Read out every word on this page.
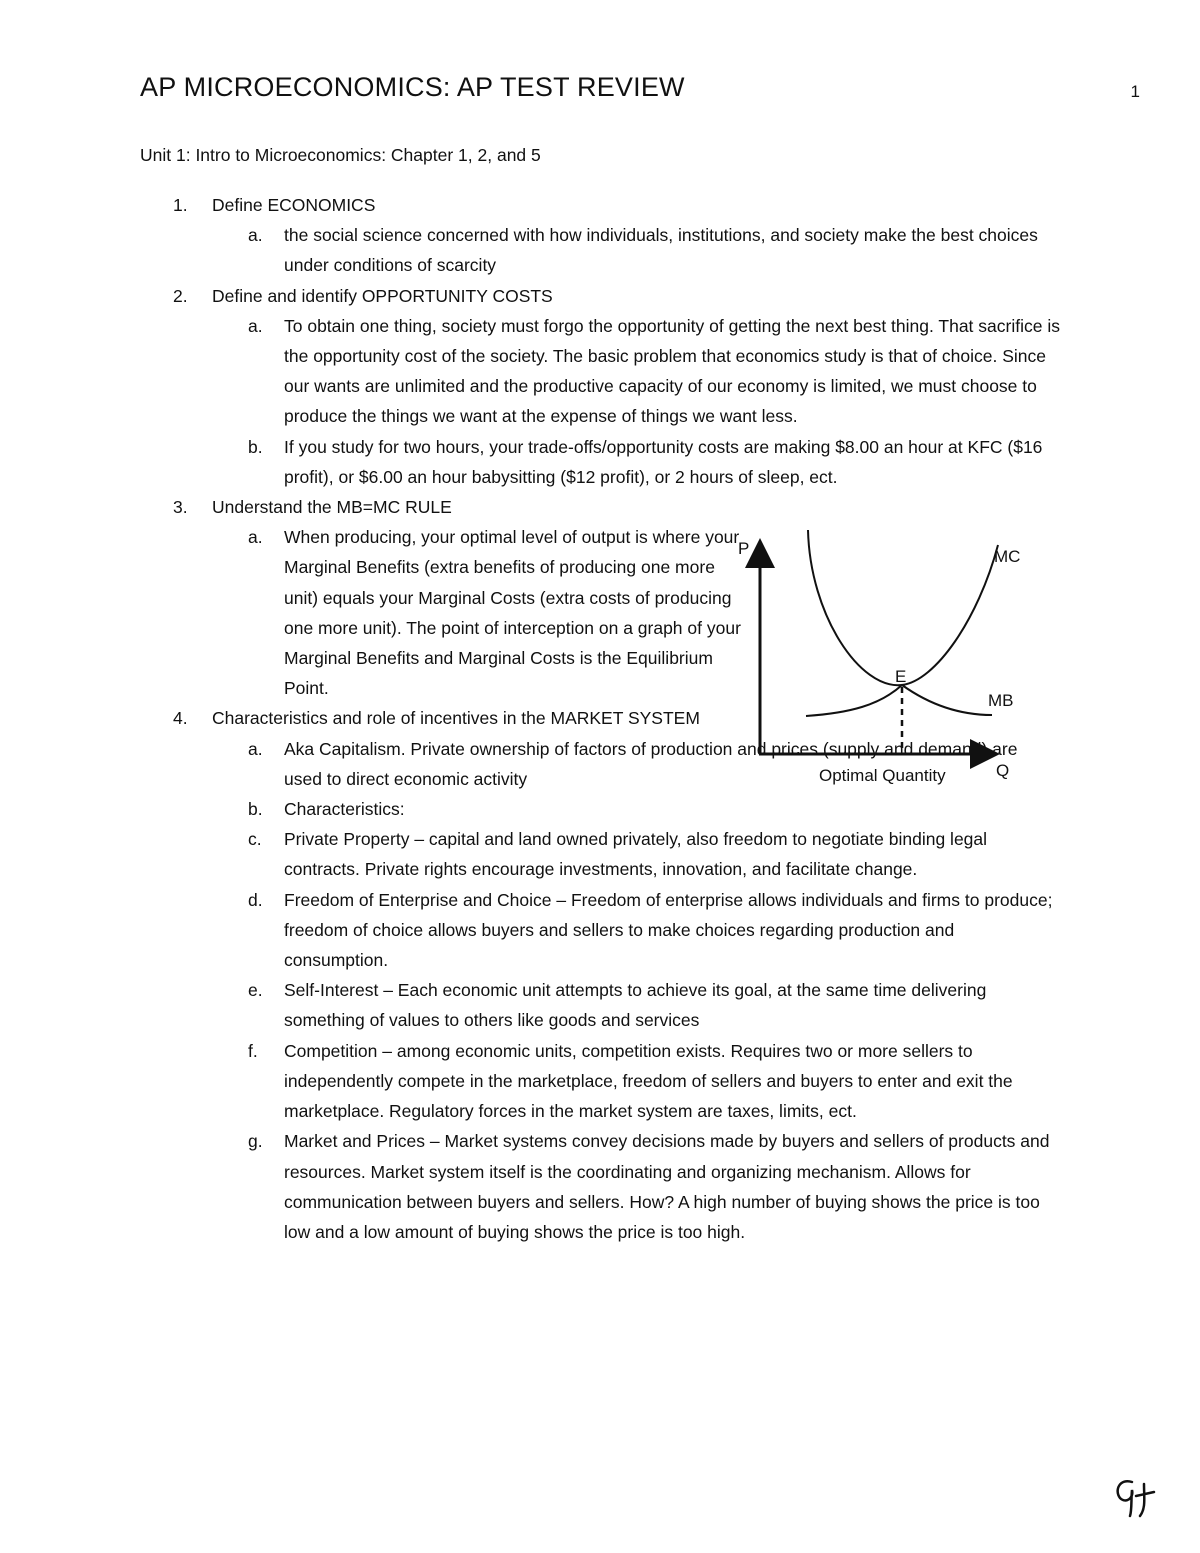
AP MICROECONOMICS: AP TEST REVIEW	1
Unit 1: Intro to Microeconomics: Chapter 1, 2, and 5
1. Define ECONOMICS
a. the social science concerned with how individuals, institutions, and society make the best choices under conditions of scarcity
2. Define and identify OPPORTUNITY COSTS
a. To obtain one thing, society must forgo the opportunity of getting the next best thing. That sacrifice is the opportunity cost of the society. The basic problem that economics study is that of choice. Since our wants are unlimited and the productive capacity of our economy is limited, we must choose to produce the things we want at the expense of things we want less.
b. If you study for two hours, your trade-offs/opportunity costs are making $8.00 an hour at KFC ($16 profit), or $6.00 an hour babysitting ($12 profit), or 2 hours of sleep, ect.
3. Understand the MB=MC RULE
a. When producing, your optimal level of output is where your Marginal Benefits (extra benefits of producing one more unit) equals your Marginal Costs (extra costs of producing one more unit). The point of interception on a graph of your Marginal Benefits and Marginal Costs is the Equilibrium Point.
4. Characteristics and role of incentives in the MARKET SYSTEM
a. Aka Capitalism. Private ownership of factors of production and prices (supply and demand) are used to direct economic activity
b. Characteristics:
c. Private Property – capital and land owned privately, also freedom to negotiate binding legal contracts. Private rights encourage investments, innovation, and facilitate change.
d. Freedom of Enterprise and Choice – Freedom of enterprise allows individuals and firms to produce; freedom of choice allows buyers and sellers to make choices regarding production and consumption.
e. Self-Interest – Each economic unit attempts to achieve its goal, at the same time delivering something of values to others like goods and services
f. Competition – among economic units, competition exists. Requires two or more sellers to independently compete in the marketplace, freedom of sellers and buyers to enter and exit the marketplace. Regulatory forces in the market system are taxes, limits, ect.
g. Market and Prices – Market systems convey decisions made by buyers and sellers of products and resources. Market system itself is the coordinating and organizing mechanism. Allows for communication between buyers and sellers. How? A high number of buying shows the price is too low and a low amount of buying shows the price is too high.
P	MC
E
MB
Optimal Quantity	Q
